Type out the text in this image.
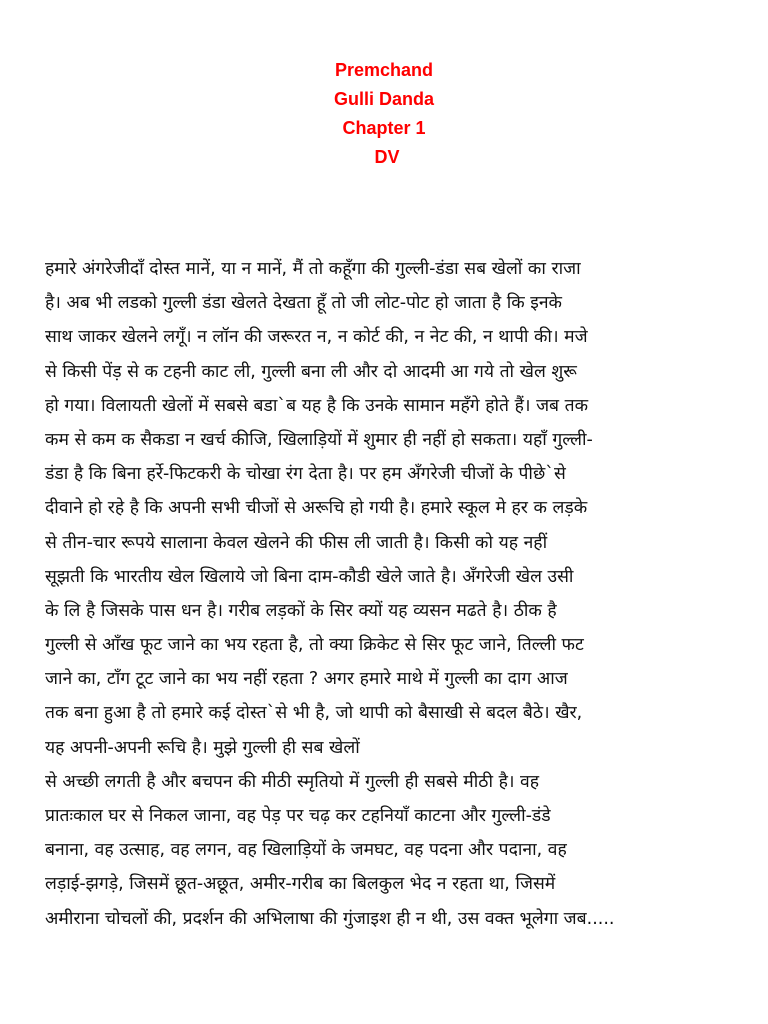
Premchand
Gulli Danda
Chapter 1
DV
हमारे अंगरेजीदाँ दोस्त मानें, या न मानें, मैं तो कहूँगा की गुल्ली-डंडा सब खेलों का राजा
है। अब भी लडको गुल्ली डंडा खेलते देखता हूँ तो जी लोट-पोट हो जाता है कि इनके
साथ जाकर खेलने लगूँ। न लॉन की जरूरत न, न कोर्ट की, न नेट की, न थापी की। मजे
से किसी पेंड़ से क टहनी काट ली, गुल्ली बना ली और दो आदमी आ गये तो खेल शुरू
हो गया। विलायती खेलों में सबसे बडा`ब यह है कि उनके सामान महँगे होते हैं। जब तक
कम से कम क सैकडा न खर्च कीजि, खिलाड़ियों में शुमार ही नहीं हो सकता। यहाँ गुल्ली-
डंडा है कि बिना हर्रे-फिटकरी के चोखा रंग देता है। पर हम अँगरेजी चीजों के पीछे`से
दीवाने हो रहे है कि अपनी सभी चीजों से अरूचि हो गयी है। हमारे स्कूल मे हर क लड़के
से तीन-चार रूपये सालाना केवल खेलने की फीस ली जाती है। किसी को यह नहीं
सूझती कि भारतीय खेल खिलाये जो बिना दाम-कौडी खेले जाते है। अँगरेजी खेल उसी
के लि है जिसके पास धन है। गरीब लड़कों के सिर क्यों यह व्यसन मढते है। ठीक है
गुल्ली से आँख फूट जाने का भय रहता है, तो क्या क्रिकेट से सिर फूट जाने, तिल्ली फट
जाने का, टाँग टूट जाने का भय नहीं रहता ? अगर हमारे माथे में गुल्ली का दाग आज
तक बना हुआ है तो हमारे कई दोस्त`से भी है, जो थापी को बैसाखी से बदल बैठे। खैर,
यह अपनी-अपनी रूचि है। मुझे गुल्ली ही सब खेलों
से अच्छी लगती है और बचपन की मीठी स्मृतियो में गुल्ली ही सबसे मीठी है। वह
प्रातःकाल घर से निकल जाना, वह पेड़ पर चढ़ कर टहनियाँ काटना और गुल्ली-डंडे
बनाना, वह उत्साह, वह लगन, वह खिलाड़ियों के जमघट, वह पदना और पदाना, वह
लड़ाई-झगड़े, जिसमें छूत-अछूत, अमीर-गरीब का बिलकुल भेद न रहता था, जिसमें
अमीराना चोचलों की, प्रदर्शन की अभिलाषा की गुंजाइश ही न थी, उस वक्त भूलेगा जब.....
